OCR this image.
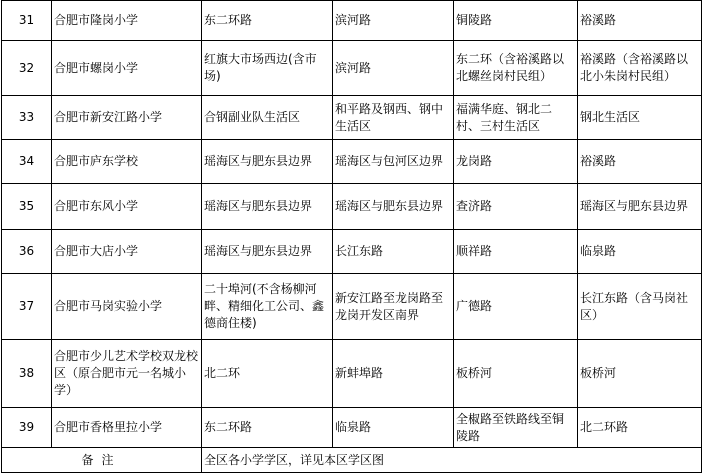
31	合肥市隆岗小学	东二环路	滨河路	铜陵路	裕溪路
32	合肥市螺岗小学	红旗大市场西边(含市场)	滨河路	东二环（含裕溪路以北螺丝岗村民组）	裕溪路（含裕溪路以北小朱岗村民组）
33	合肥市新安江路小学	合钢副业队生活区	和平路及钢西、钢中生活区	福满华庭、钢北二村、三村生活区	钢北生活区
34	合肥市庐东学校	瑶海区与肥东县边界	瑶海区与包河区边界	龙岗路	裕溪路
35	合肥市东风小学	瑶海区与肥东县边界	瑶海区与肥东县边界	查济路	瑶海区与肥东县边界
36	合肥市大店小学	瑶海区与肥东县边界	长江东路	顺祥路	临泉路
37	合肥市马岗实验小学	二十埠河(不含杨柳河畔、精细化工公司、鑫德商住楼)	新安江路至龙岗路至龙岗开发区南界	广德路	长江东路（含马岗社区）
38	合肥市少儿艺术学校双龙校区（原合肥市元一名城小学）	北二环	新蚌埠路	板桥河	板桥河
39	合肥市香格里拉小学	东二环路	临泉路	全椒路至铁路线至铜陵路	北二环路
备注		全区各小学学区，详见本区学区图			
